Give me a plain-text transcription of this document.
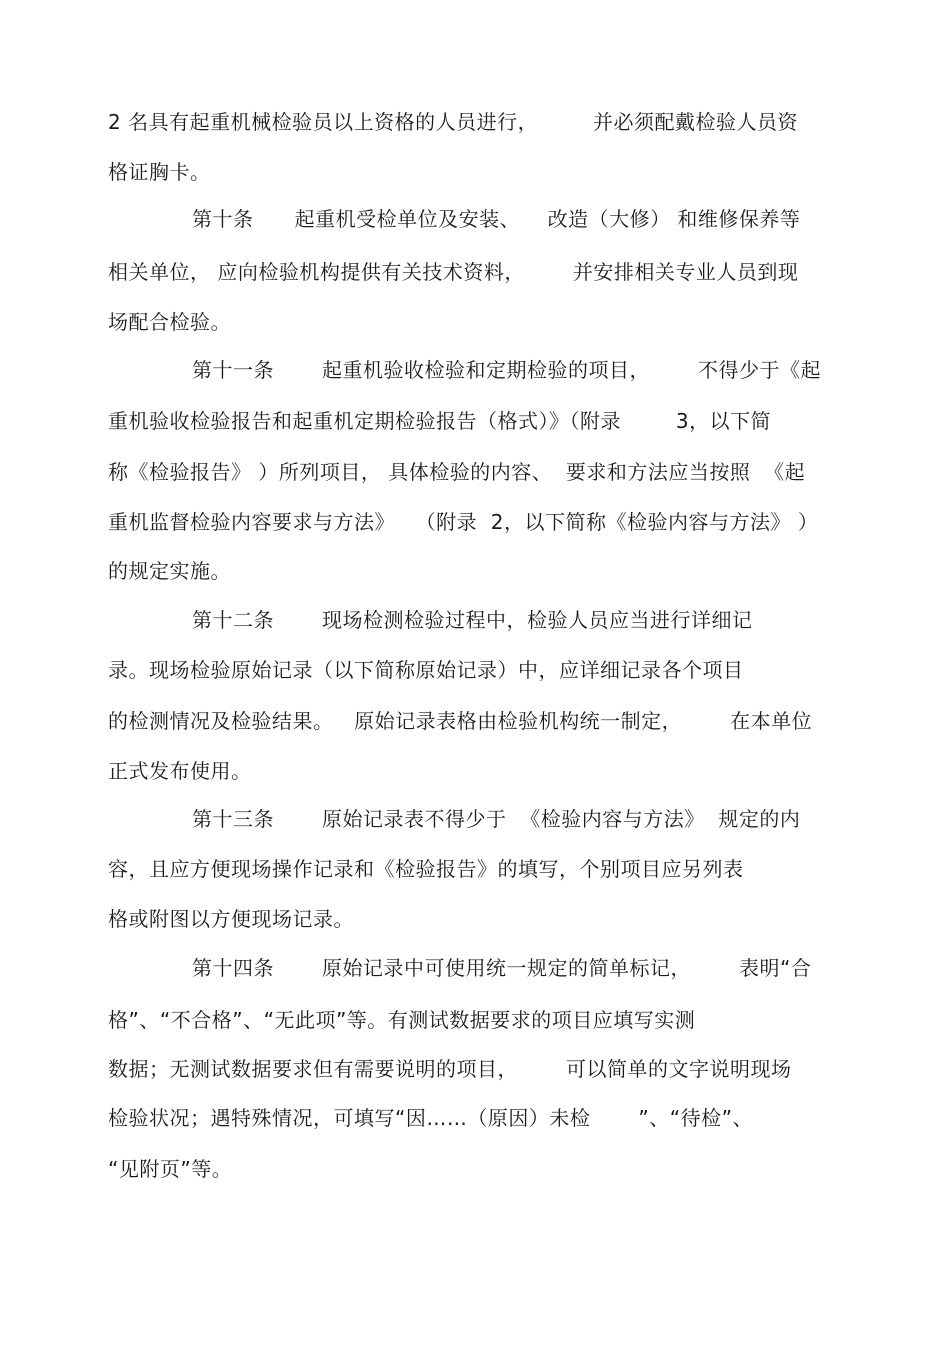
2 名具有起重机械检验员以上资格的人员进行，        并必须配戴检验人员资
格证胸卡。
第十条      起重机受检单位及安装、    改造（大修） 和维修保养等
相关单位， 应向检验机构提供有关技术资料，       并安排相关专业人员到现
场配合检验。
第十一条       起重机验收检验和定期检验的项目，       不得少于《起
重机验收检验报告和起重机定期检验报告（格式）》（附录        3，以下简
称《检验报告》 ）所列项目， 具体检验的内容、  要求和方法应当按照  《起
重机监督检验内容要求与方法》   （附录  2，以下简称《检验内容与方法》 ）
的规定实施。
第十二条       现场检测检验过程中，检验人员应当进行详细记
录。现场检验原始记录（以下简称原始记录）中，应详细记录各个项目
的检测情况及检验结果。   原始记录表格由检验机构统一制定，       在本单位
正式发布使用。
第十三条       原始记录表不得少于  《检验内容与方法》  规定的内
容，且应方便现场操作记录和《检验报告》的填写，个别项目应另列表
格或附图以方便现场记录。
第十四条       原始记录中可使用统一规定的简单标记，       表明“合
格”、“不合格”、“无此项”等。有测试数据要求的项目应填写实测
数据；无测试数据要求但有需要说明的项目，       可以简单的文字说明现场
检验状况；遇特殊情况，可填写“因……（原因）未检       ”、“待检”、
“见附页”等。
